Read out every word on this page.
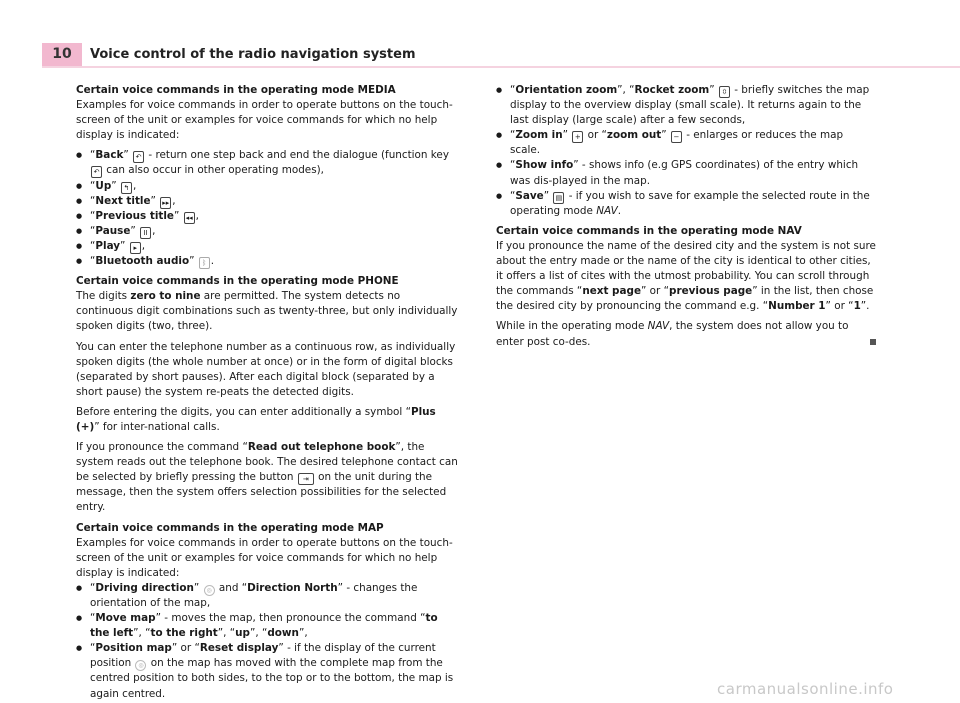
10	Voice control of the radio navigation system

Certain voice commands in the operating mode MEDIA

Examples for voice commands in order to operate buttons on the touch-screen of the unit or examples for voice commands for which no help display is indicated:

● “Back” ↶ - return one step back and end the dialogue (function key ↶ can also occur in other operating modes),
● “Up” ↰ ,
● “Next title” ▸▸ ,
● “Previous title” ◂◂ ,
● “Pause” II ,
● “Play” ▸ ,
● “Bluetooth audio” ᛒ .

Certain voice commands in the operating mode PHONE

The digits zero to nine are permitted. The system detects no continuous digit combinations such as twenty-three, but only individually spoken digits (two, three).

You can enter the telephone number as a continuous row, as individually spoken digits (the whole number at once) or in the form of digital blocks (separated by short pauses). After each digital block (separated by a short pause) the system re-peats the detected digits.

Before entering the digits, you can enter additionally a symbol “Plus (+)” for inter-national calls.

If you pronounce the command “Read out telephone book”, the system reads out the telephone book. The desired telephone contact can be selected by briefly pressing the button ⇥ on the unit during the message, then the system offers selection possibilities for the selected entry.

Certain voice commands in the operating mode MAP

Examples for voice commands in order to operate buttons on the touch-screen of the unit or examples for voice commands for which no help display is indicated:

● “Driving direction” ◎ and “Direction North” - changes the orientation of the map,
● “Move map” - moves the map, then pronounce the command “to the left”, “to the right”, “up”, “down”,
● “Position map” or “Reset display” - if the display of the current position ◎ on the map has moved with the complete map from the centred position to both sides, to the top or to the bottom, the map is again centred.
● “Orientation zoom”, “Rocket zoom” ⇳ - briefly switches the map display to the overview display (small scale). It returns again to the last display (large scale) after a few seconds,
● “Zoom in” + or “zoom out” − - enlarges or reduces the map scale.
● “Show info” - shows info (e.g GPS coordinates) of the entry which was dis-played in the map.
● “Save” ▤ - if you wish to save for example the selected route in the operating mode NAV.

Certain voice commands in the operating mode NAV

If you pronounce the name of the desired city and the system is not sure about the entry made or the name of the city is identical to other cities, it offers a list of cites with the utmost probability. You can scroll through the commands “next page” or “previous page” in the list, then chose the desired city by pronouncing the command e.g. “Number 1” or “1”.

While in the operating mode NAV, the system does not allow you to enter post co-des.

carmanualsonline.info
